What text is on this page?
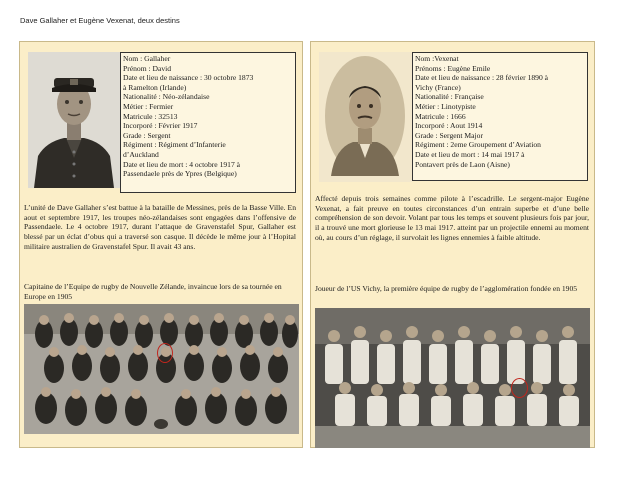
Dave Gallaher et Eugène Vexenat, deux destins
Nom : Gallaher
Prénom : David
Date et lieu de naissance : 30 octobre 1873
à Ramelton (Irlande)
Nationalité : Néo-zélandaise
Métier : Fermier
Matricule : 32513
Incorporé : Février 1917
Grade : Sergent
Régiment : Régiment d’Infanterie
d’Auckland
Date et lieu de mort : 4 octobre 1917 à
Passendaele près de Ypres (Belgique)
L’unité de Dave Gallaher s’est battue à la bataille de Messines, près de la Basse Ville. En aout et septembre 1917, les troupes néo-zélandaises sont engagées dans l’offensive de Passendaele. Le 4 octobre 1917, durant l’attaque de Gravenstafel Spur, Gallaher est blessé par un éclat d’obus qui a traversé son casque. Il décède le même jour à l’Hopital militaire australien de Gravenstafel Spur. Il avait 43 ans.
Capitaine de l’Equipe de rugby de Nouvelle Zélande, invaincue lors de sa tournée en Europe en 1905
Nom :Vexenat
Prénoms : Eugène Emile
Date et lieu de naissance : 28 février 1890 à
Vichy (France)
Nationalité : Française
Métier : Linotypiste
Matricule : 1666
Incorporé : Aout 1914
Grade : Sergent Major
Régiment : 2eme Groupement d’Aviation
Date et lieu de mort : 14 mai 1917 à
Pontavert près de Laon (Aisne)
Affecté depuis trois semaines comme pilote à l’escadrille. Le sergent-major Eugène Vexenat, a fait preuve en toutes circonstances d’un entrain superbe et d’une belle compréhension de son devoir. Volant par tous les temps et souvent plusieurs fois par jour, il a trouvé une mort glorieuse le 13 mai 1917. atteint par un projectile ennemi au moment où, au cours d’un réglage, il survolait les lignes ennemies à faible altitude.
Joueur de l’US Vichy, la première équipe de rugby de l’agglomération fondée en 1905
